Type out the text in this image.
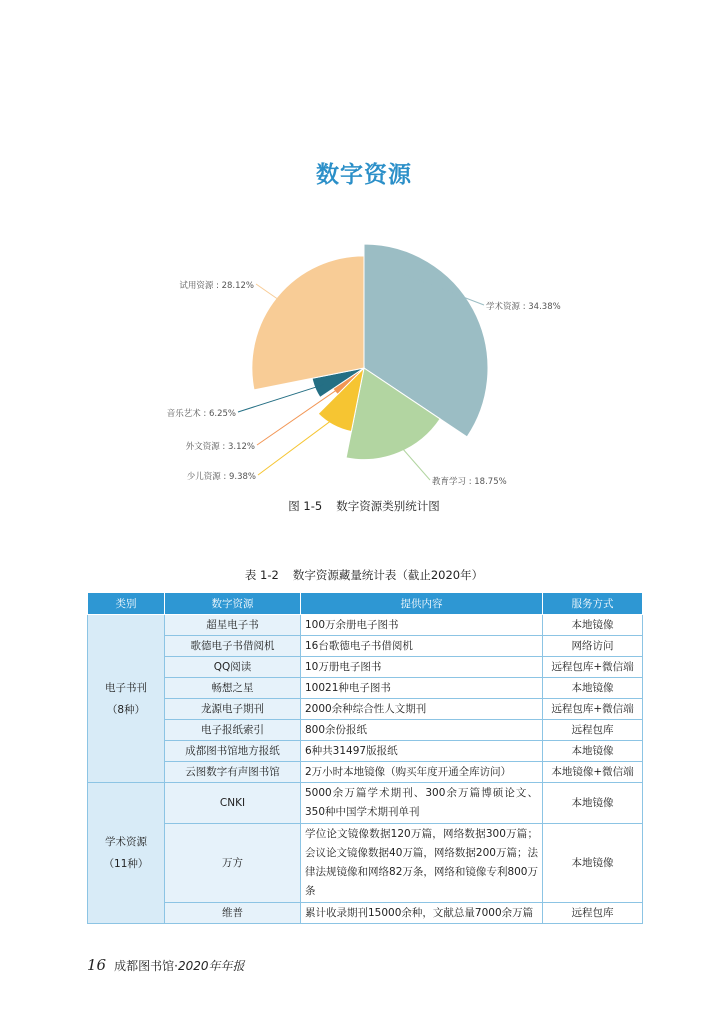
数字资源
学术资源 : 34.38%
教育学习 : 18.75%
少儿资源 : 9.38%
外文资源 : 3.12%
音乐艺术 : 6.25%
试用资源 : 28.12%
图 1-5 数字资源类别统计图
表 1-2 数字资源藏量统计表（截止2020年）
类别	数字资源	提供内容	服务方式

电子书刊
（8种）	超星电子书	100万余册电子图书	本地镜像
	歌德电子书借阅机	16台歌德电子书借阅机	网络访问
	QQ阅读	10万册电子图书	远程包库+微信端
	畅想之星	10021种电子图书	本地镜像
	龙源电子期刊	2000余种综合性人文期刊	远程包库+微信端
	电子报纸索引	800余份报纸	远程包库
	成都图书馆地方报纸	6种共31497版报纸	本地镜像
	云图数字有声图书馆	2万小时本地镜像（购买年度开通全库访问）	本地镜像+微信端

学术资源
（11种）	CNKI	5000余万篇学术期刊、300余万篇博硕论文、350种中国学术期刊单刊	本地镜像
	万方	学位论文镜像数据120万篇，网络数据300万篇；会议论文镜像数据40万篇，网络数据200万篇；法律法规镜像和网络82万条，网络和镜像专利800万条	本地镜像
	维普	累计收录期刊15000余种，文献总量7000余万篇	远程包库
16 成都图书馆·2020年年报
